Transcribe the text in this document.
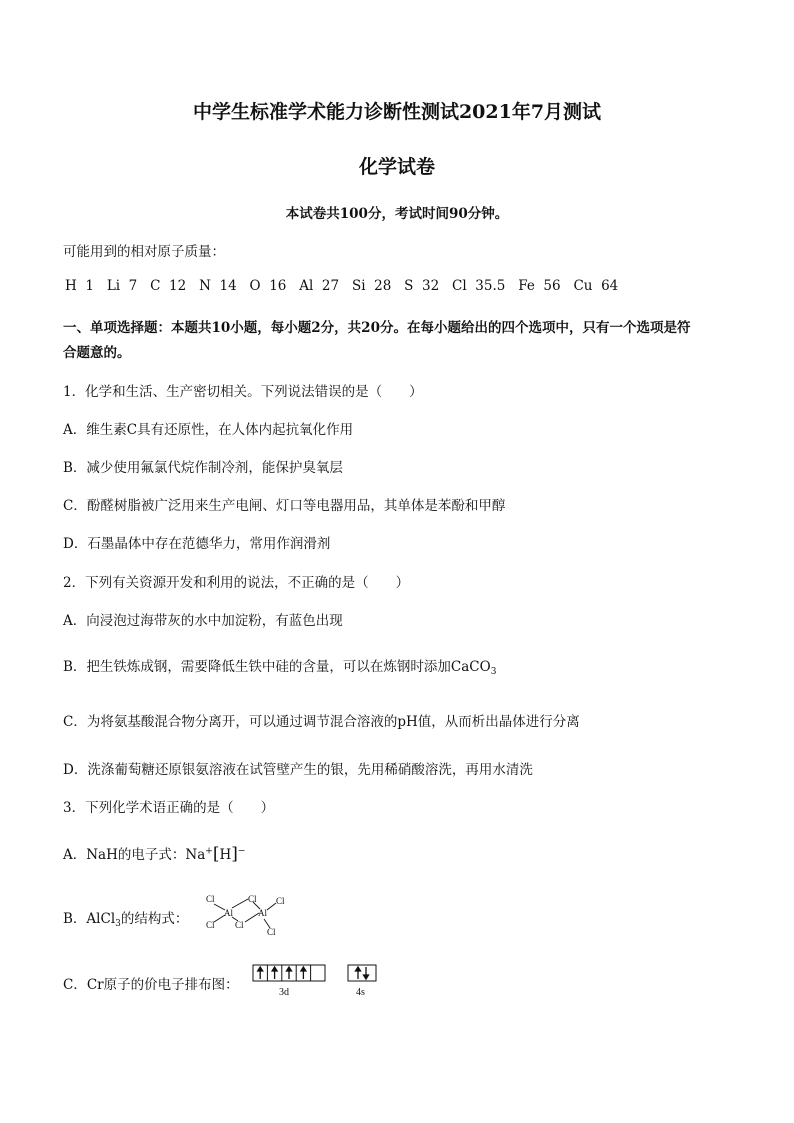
中学生标准学术能力诊断性测试2021年7月测试
化学试卷
本试卷共100分，考试时间90分钟。
可能用到的相对原子质量：
H  1   Li  7   C  12   N  14   O  16   Al  27   Si  28   S  32   Cl  35.5   Fe  56   Cu  64
一、单项选择题：本题共10小题，每小题2分，共20分。在每小题给出的四个选项中，只有一个选项是符
合题意的。
1．化学和生活、生产密切相关。下列说法错误的是（　　）
A．维生素C具有还原性，在人体内起抗氧化作用
B．减少使用氟氯代烷作制冷剂，能保护臭氧层
C．酚醛树脂被广泛用来生产电闸、灯口等电器用品，其单体是苯酚和甲醇
D．石墨晶体中存在范德华力，常用作润滑剂
2．下列有关资源开发和利用的说法，不正确的是（　　）
A．向浸泡过海带灰的水中加淀粉，有蓝色出现
B．把生铁炼成钢，需要降低生铁中硅的含量，可以在炼钢时添加CaCO$_3$
C．为将氨基酸混合物分离开，可以通过调节混合溶液的pH值，从而析出晶体进行分离
D．洗涤葡萄糖还原银氨溶液在试管壁产生的银，先用稀硝酸溶洗，再用水清洗
3．下列化学术语正确的是（　　）
A．NaH的电子式：Na+[H]−
B．AlCl$_3$的结构式：
Cl
Cl
Al
Cl
Cl
Al
Cl
Cl
C．Cr原子的价电子排布图：	3d	4s
